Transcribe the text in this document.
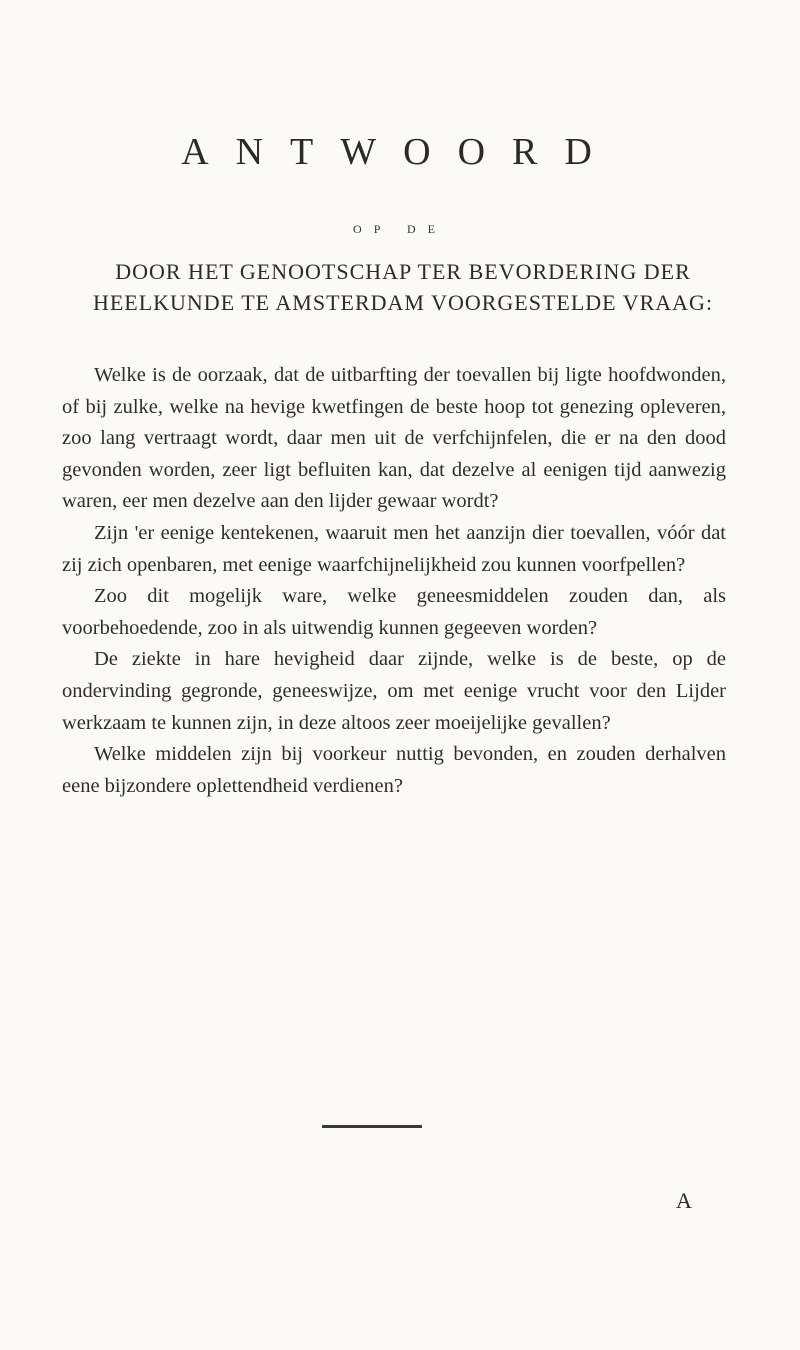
ANTWOORD
OP DE
DOOR HET GENOOTSCHAP TER BEVORDERING DER HEELKUNDE TE AMSTERDAM VOORGESTELDE VRAAG:

Welke is de oorzaak, dat de uitbarfting der toevallen bij ligte hoofdwonden, of bij zulke, welke na hevige kwetfingen de beste hoop tot genezing opleveren, zoo lang vertraagt wordt, daar men uit de verfchijnfelen, die er na den dood gevonden worden, zeer ligt befluiten kan, dat dezelve al eenigen tijd aanwezig waren, eer men dezelve aan den lijder gewaar wordt?

Zijn 'er eenige kentekenen, waaruit men het aanzijn dier toevallen, vóór dat zij zich openbaren, met eenige waarfchijnelijkheid zou kunnen voorfpellen?

Zoo dit mogelijk ware, welke geneesmiddelen zouden dan, als voorbehoedende, zoo in als uitwendig kunnen gegeeven worden?

De ziekte in hare hevigheid daar zijnde, welke is de beste, op de ondervinding gegronde, geneeswijze, om met eenige vrucht voor den Lijder werkzaam te kunnen zijn, in deze altoos zeer moeijelijke gevallen?

Welke middelen zijn bij voorkeur nuttig bevonden, en zouden derhalven eene bijzondere oplettendheid verdienen?

A
